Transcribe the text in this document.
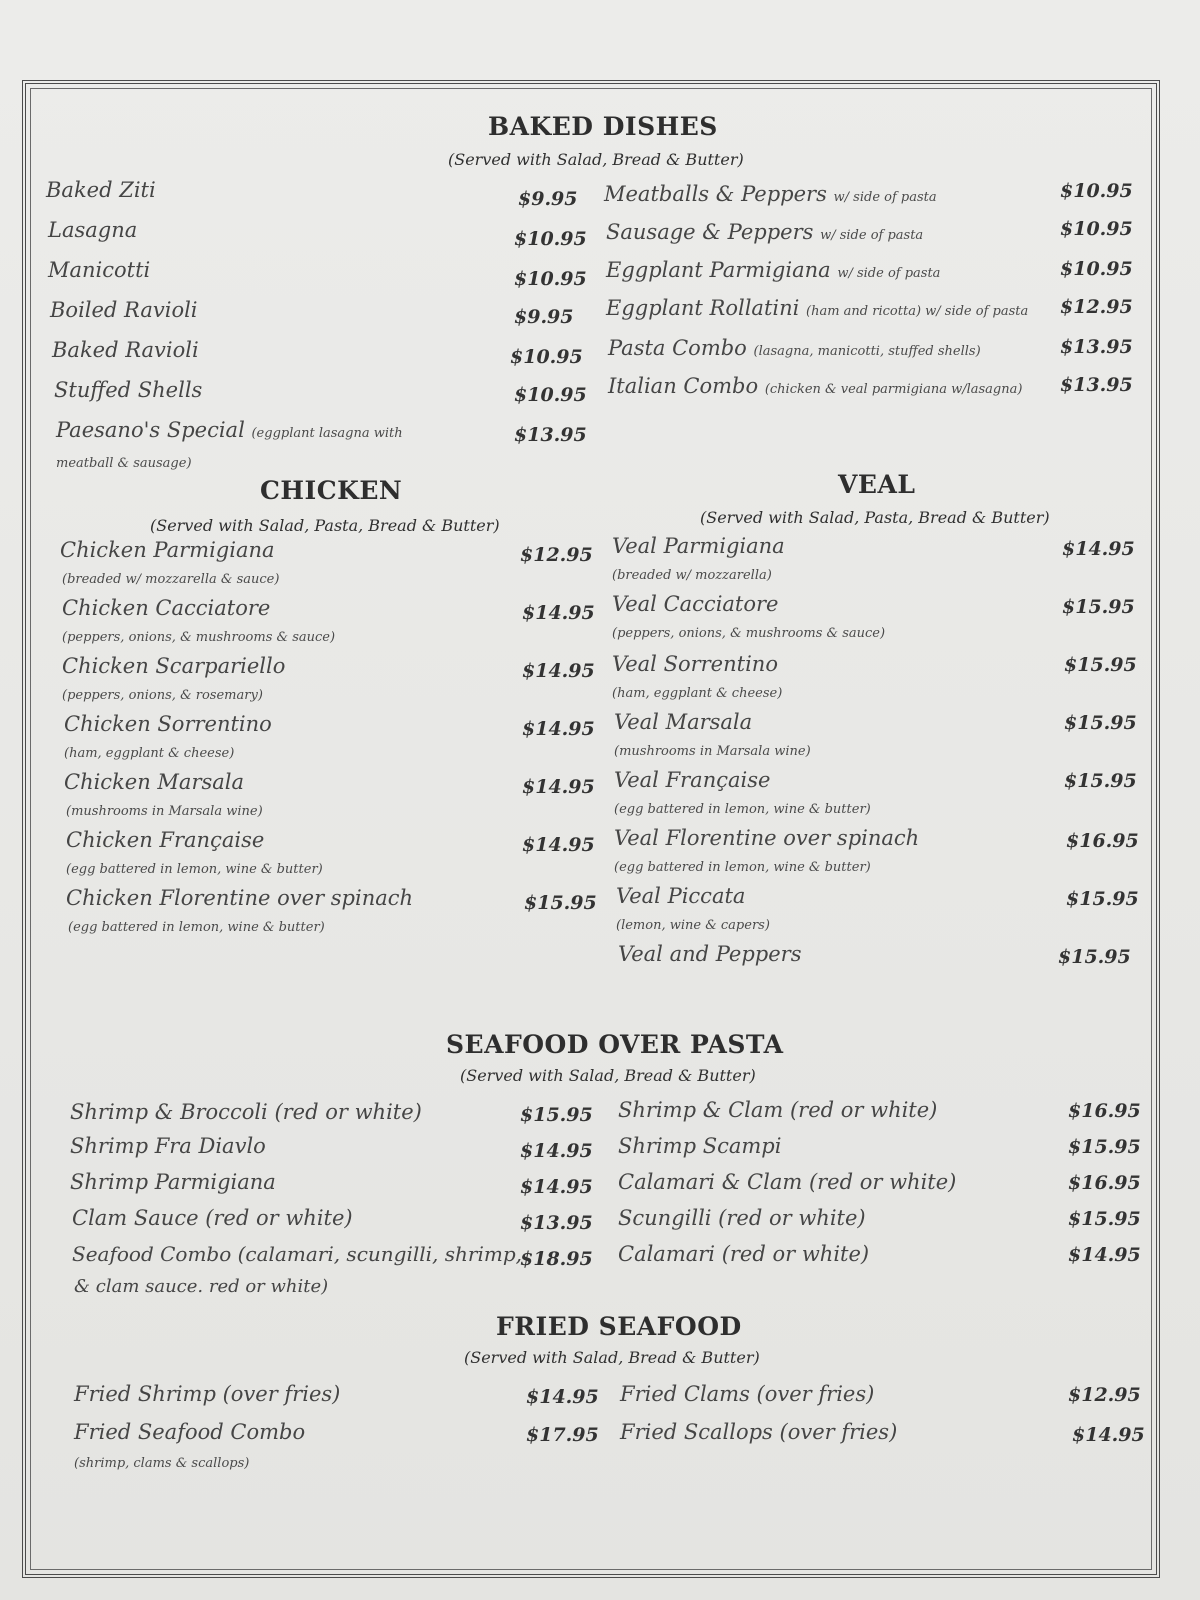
BAKED DISHES
(Served with Salad, Bread & Butter)
Baked Ziti	$9.95
Lasagna	$10.95
Manicotti	$10.95
Boiled Ravioli	$9.95
Baked Ravioli	$10.95
Stuffed Shells	$10.95
Paesano's Special (eggplant lasagna with
meatball & sausage)
$13.95
Meatballs & Peppers w/ side of pasta	$10.95
Sausage & Peppers w/ side of pasta	$10.95
Eggplant Parmigiana w/ side of pasta	$10.95
Eggplant Rollatini (ham and ricotta) w/ side of pasta $12.95
Pasta Combo (lasagna, manicotti, stuffed shells)	$13.95
Italian Combo (chicken & veal parmigiana w/lasagna) $13.95
CHICKEN
(Served with Salad, Pasta, Bread & Butter)
Chicken Parmigiana
(breaded w/ mozzarella & sauce)
$12.95
Chicken Cacciatore
(peppers, onions, & mushrooms & sauce)
$14.95
Chicken Scarpariello
(peppers, onions, & rosemary)
$14.95
Chicken Sorrentino
(ham, eggplant & cheese)
$14.95
Chicken Marsala
(mushrooms in Marsala wine)
$14.95
Chicken Française
(egg battered in lemon, wine & butter)
$14.95
Chicken Florentine over spinach
(egg battered in lemon, wine & butter)
$15.95
VEAL
(Served with Salad, Pasta, Bread & Butter)
Veal Parmigiana
(breaded w/ mozzarella)
$14.95
Veal Cacciatore
(peppers, onions, & mushrooms & sauce)
$15.95
Veal Sorrentino
(ham, eggplant & cheese)
$15.95
Veal Marsala
(mushrooms in Marsala wine)
$15.95
Veal Française
(egg battered in lemon, wine & butter)
$15.95
Veal Florentine over spinach
(egg battered in lemon, wine & butter)
$16.95
Veal Piccata
(lemon, wine & capers)
$15.95
Veal and Peppers	$15.95
SEAFOOD OVER PASTA
(Served with Salad, Bread & Butter)
Shrimp & Broccoli (red or white)	$15.95
Shrimp Fra Diavlo	$14.95
Shrimp Parmigiana	$14.95
Clam Sauce (red or white)	$13.95
Seafood Combo (calamari, scungilli, shrimp,
& clam sauce. red or white)
$18.95
Shrimp & Clam (red or white)	$16.95
Shrimp Scampi	$15.95
Calamari & Clam (red or white)	$16.95
Scungilli (red or white)	$15.95
Calamari (red or white)	$14.95
FRIED SEAFOOD
(Served with Salad, Bread & Butter)
Fried Shrimp (over fries)	$14.95
Fried Seafood Combo
(shrimp, clams & scallops)
$17.95
Fried Clams (over fries)	$12.95
Fried Scallops (over fries)	$14.95
